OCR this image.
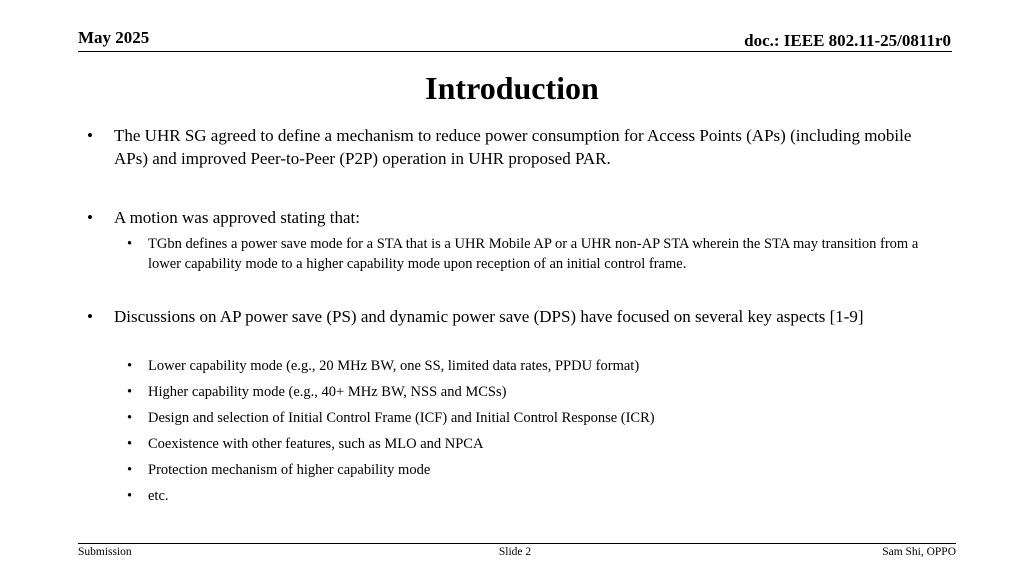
May 2025	doc.: IEEE 802.11-25/0811r0
Introduction
•	The UHR SG agreed to define a mechanism to reduce power consumption for Access Points (APs) (including mobile APs) and improved Peer-to-Peer (P2P) operation in UHR proposed PAR.
•	A motion was approved stating that:
•	TGbn defines a power save mode for a STA that is a UHR Mobile AP or a UHR non-AP STA wherein the STA may transition from a lower capability mode to a higher capability mode upon reception of an initial control frame.
•	Discussions on AP power save (PS) and dynamic power save (DPS) have focused on several key aspects [1-9]
•	Lower capability mode (e.g., 20 MHz BW, one SS, limited data rates, PPDU format)
•	Higher capability mode (e.g., 40+ MHz BW, NSS and MCSs)
•	Design and selection of Initial Control Frame (ICF) and Initial Control Response (ICR)
•	Coexistence with other features, such as MLO and NPCA
•	Protection mechanism of higher capability mode
•	etc.
Submission	Slide 2	Sam Shi, OPPO
